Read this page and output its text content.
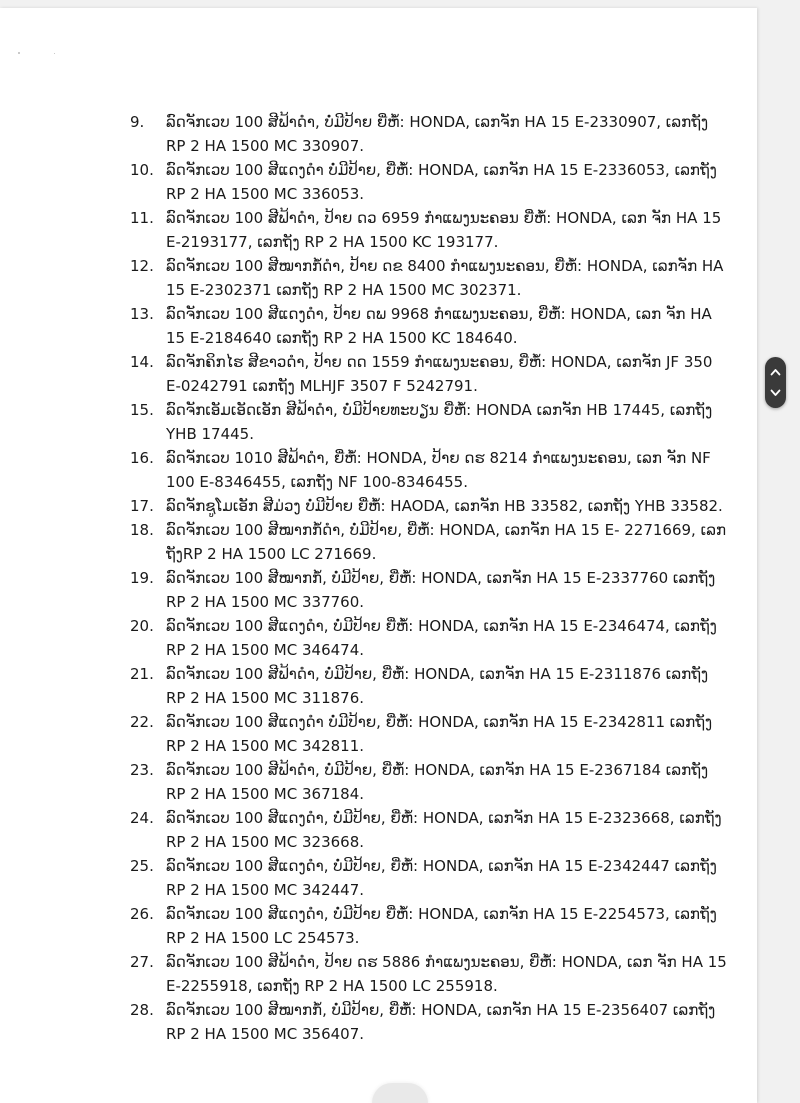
9.	ລົດຈັກເວບ 100 ສີຟ້າດຳ, ບໍ່ມີປ້າຍ ຍີ່ຫໍ້: HONDA, ເລກຈັກ HA 15 E-2330907, ເລກຖັງ RP 2 HA 1500 MC 330907.
10. ລົດຈັກເວບ 100 ສີແດງດຳ ບໍ່ມີປ້າຍ, ຍີ່ຫໍ້: HONDA, ເລກຈັກ HA 15 E-2336053, ເລກຖັງ RP 2 HA 1500 MC 336053.
11. ລົດຈັກເວບ 100 ສີຟ້າດຳ, ປ້າຍ ດວ 6959 ກຳແພງນະຄອນ ຍີ່ຫໍ້: HONDA, ເລກ ຈັກ HA 15 E-2193177, ເລກຖັງ RP 2 HA 1500 KC 193177.
12. ລົດຈັກເວບ 100 ສີໝາກກໍ້ດຳ, ປ້າຍ ດຂ 8400 ກຳແພງນະຄອນ, ຍີ່ຫໍ້: HONDA, ເລກຈັກ HA 15 E-2302371 ເລກຖັງ RP 2 HA 1500 MC 302371.
13. ລົດຈັກເວບ 100 ສີແດງດຳ, ປ້າຍ ດພ 9968 ກຳແພງນະຄອນ, ຍີ່ຫໍ້: HONDA, ເລກ ຈັກ HA 15 E-2184640 ເລກຖັງ RP 2 HA 1500 KC 184640.
14. ລົດຈັກຄິກໄຮ ສີຂາວດຳ, ປ້າຍ ດດ 1559 ກຳແພງນະຄອນ, ຍີ່ຫໍ້: HONDA, ເລກຈັກ JF 350 E-0242791 ເລກຖັງ MLHJF 3507 F 5242791.
15. ລົດຈັກເອັມເອັດເອັກ ສີຟ້າດຳ, ບໍ່ມີປ້າຍທະບຽນ ຍີ່ຫໍ້: HONDA ເລກຈັກ HB 17445, ເລກຖັງ YHB 17445.
16. ລົດຈັກເວບ 1010 ສີຟ້າດຳ, ຍີ່ຫໍ້: HONDA, ປ້າຍ ດຮ 8214 ກຳແພງນະຄອນ, ເລກ ຈັກ NF 100 E-8346455, ເລກຖັງ NF 100-8346455.
17. ລົດຈັກຊູໂມເອັກ ສີມ່ວງ ບໍ່ມີປ້າຍ ຍີ່ຫໍ້: HAODA, ເລກຈັກ HB 33582, ເລກຖັງ YHB 33582.
18. ລົດຈັກເວບ 100 ສີໝາກກໍ້ດຳ, ບໍ່ມີປ້າຍ, ຍີ່ຫໍ້: HONDA, ເລກຈັກ HA 15 E- 2271669, ເລກ ຖັງRP 2 HA 1500 LC 271669.
19. ລົດຈັກເວບ 100 ສີໝາກກໍ້, ບໍ່ມີປ້າຍ, ຍີ່ຫໍ້: HONDA, ເລກຈັກ HA 15 E-2337760 ເລກຖັງ RP 2 HA 1500 MC 337760.
20. ລົດຈັກເວບ 100 ສີແດງດຳ, ບໍ່ມີປ້າຍ ຍີ່ຫໍ້: HONDA, ເລກຈັກ HA 15 E-2346474, ເລກຖັງ RP 2 HA 1500 MC 346474.
21. ລົດຈັກເວບ 100 ສີຟ້າດຳ, ບໍ່ມີປ້າຍ, ຍີ່ຫໍ້: HONDA, ເລກຈັກ HA 15 E-2311876 ເລກຖັງ RP 2 HA 1500 MC 311876.
22. ລົດຈັກເວບ 100 ສີແດງດຳ ບໍ່ມີປ້າຍ, ຍີ່ຫໍ້: HONDA, ເລກຈັກ HA 15 E-2342811 ເລກຖັງ RP 2 HA 1500 MC 342811.
23. ລົດຈັກເວບ 100 ສີຟ້າດຳ, ບໍ່ມີປ້າຍ, ຍີ່ຫໍ້: HONDA, ເລກຈັກ HA 15 E-2367184 ເລກຖັງ RP 2 HA 1500 MC 367184.
24. ລົດຈັກເວບ 100 ສີແດງດຳ, ບໍ່ມີປ້າຍ, ຍີ່ຫໍ້: HONDA, ເລກຈັກ HA 15 E-2323668, ເລກຖັງ RP 2 HA 1500 MC 323668.
25. ລົດຈັກເວບ 100 ສີແດງດຳ, ບໍ່ມີປ້າຍ, ຍີ່ຫໍ້: HONDA, ເລກຈັກ HA 15 E-2342447 ເລກຖັງ RP 2 HA 1500 MC 342447.
26. ລົດຈັກເວບ 100 ສີແດງດຳ, ບໍ່ມີປ້າຍ ຍີ່ຫໍ້: HONDA, ເລກຈັກ HA 15 E-2254573, ເລກຖັງ RP 2 HA 1500 LC 254573.
27. ລົດຈັກເວບ 100 ສີຟ້າດຳ, ປ້າຍ ດຮ 5886 ກຳແພງນະຄອນ, ຍີ່ຫໍ້: HONDA, ເລກ ຈັກ HA 15 E-2255918, ເລກຖັງ RP 2 HA 1500 LC 255918.
28. ລົດຈັກເວບ 100 ສີໝາກກໍ້, ບໍ່ມີປ້າຍ, ຍີ່ຫໍ້: HONDA, ເລກຈັກ HA 15 E-2356407 ເລກຖັງ RP 2 HA 1500 MC 356407.
